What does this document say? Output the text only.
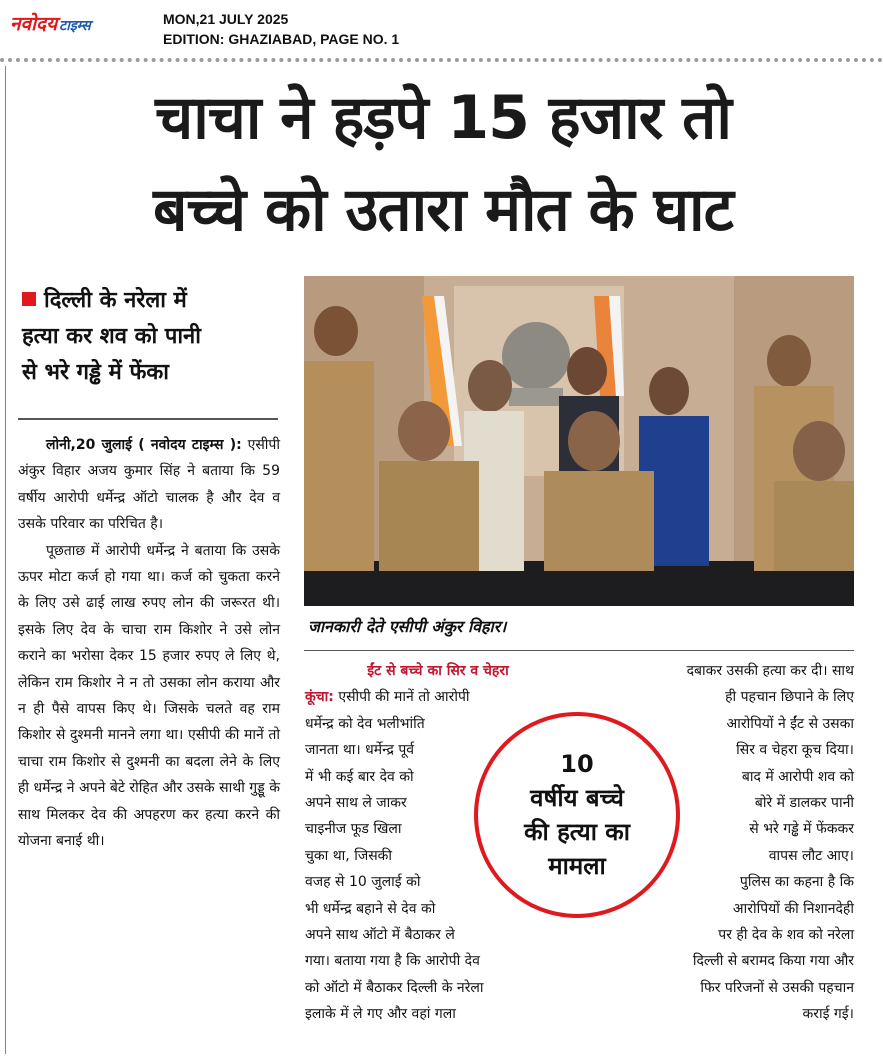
नवोदय टाइम्स	MON,21 JULY 2025
EDITION: GHAZIABAD, PAGE NO. 1
चाचा ने हड़पे 15 हजार तो
बच्चे को उतारा मौत के घाट
दिल्ली के नरेला में
हत्या कर शव को पानी
से भरे गड्ढे में फेंका

लोनी,20 जुलाई ( नवोदय टाइम्स ): एसीपी अंकुर विहार अजय कुमार सिंह ने बताया कि 59 वर्षीय आरोपी धर्मेन्द्र ऑटो चालक है और देव व उसके परिवार का परिचित है।

पूछताछ में आरोपी धर्मेन्द्र ने बताया कि उसके ऊपर मोटा कर्ज हो गया था। कर्ज को चुकता करने के लिए उसे ढाई लाख रुपए लोन की जरूरत थी। इसके लिए देव के चाचा राम किशोर ने उसे लोन कराने का भरोसा देकर 15 हजार रुपए ले लिए थे, लेकिन राम किशोर ने न तो उसका लोन कराया और न ही पैसे वापस किए थे। जिसके चलते वह राम किशोर से दुश्मनी मानने लगा था। एसीपी की मानें तो चाचा राम किशोर से दुश्मनी का बदला लेने के लिए ही धर्मेन्द्र ने अपने बेटे रोहित और उसके साथी गुड्डू के साथ मिलकर देव की अपहरण कर हत्या करने की योजना बनाई थी।

जानकारी देते एसीपी अंकुर विहार।
ईंट से बच्चे का सिर व चेहरा
कूंचा: एसीपी की मानें तो आरोपी
धर्मेन्द्र को देव भलीभांति
जानता था। धर्मेन्द्र पूर्व
में भी कई बार देव को
अपने साथ ले जाकर
चाइनीज फूड खिला
चुका था, जिसकी
वजह से 10 जुलाई को
भी धर्मेन्द्र बहाने से देव को
अपने साथ ऑटो में बैठाकर ले
गया। बताया गया है कि आरोपी देव
को ऑटो में बैठाकर दिल्ली के नरेला
इलाके में ले गए और वहां गला
दबाकर उसकी हत्या कर दी। साथ
ही पहचान छिपाने के लिए
आरोपियों ने ईंट से उसका
सिर व चेहरा कूच दिया।
बाद में आरोपी शव को
बोरे में डालकर पानी
से भरे गड्ढे में फेंककर
वापस लौट आए।
पुलिस का कहना है कि
आरोपियों की निशानदेही
पर ही देव के शव को नरेला
दिल्ली से बरामद किया गया और
फिर परिजनों से उसकी पहचान
कराई गई।
10
वर्षीय बच्चे
की हत्या का
मामला
